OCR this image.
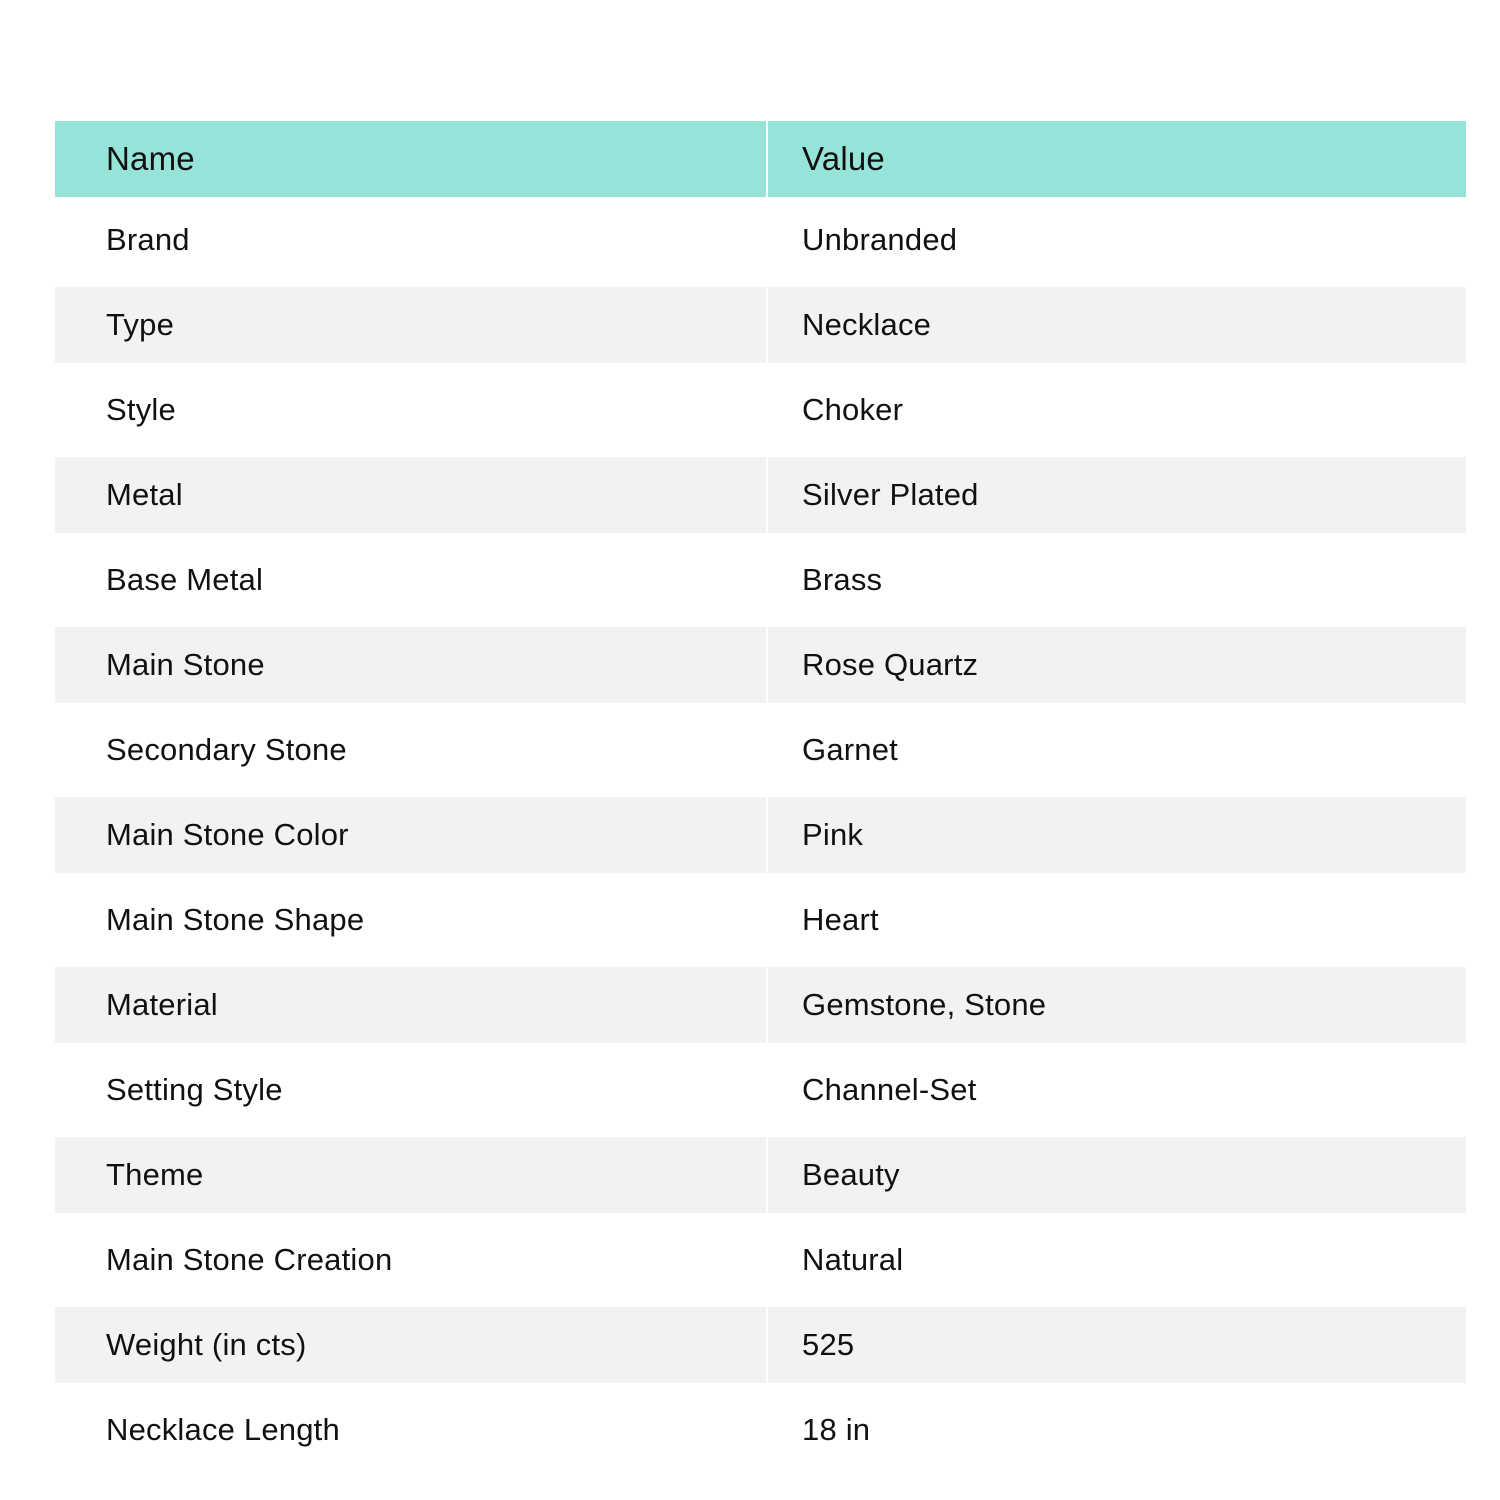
Name	Value
Brand	Unbranded
Type	Necklace
Style	Choker
Metal	Silver Plated
Base Metal	Brass
Main Stone	Rose Quartz
Secondary Stone	Garnet
Main Stone Color	Pink
Main Stone Shape	Heart
Material	Gemstone, Stone
Setting Style	Channel-Set
Theme	Beauty
Main Stone Creation	Natural
Weight (in cts)	525
Necklace Length	18 in
